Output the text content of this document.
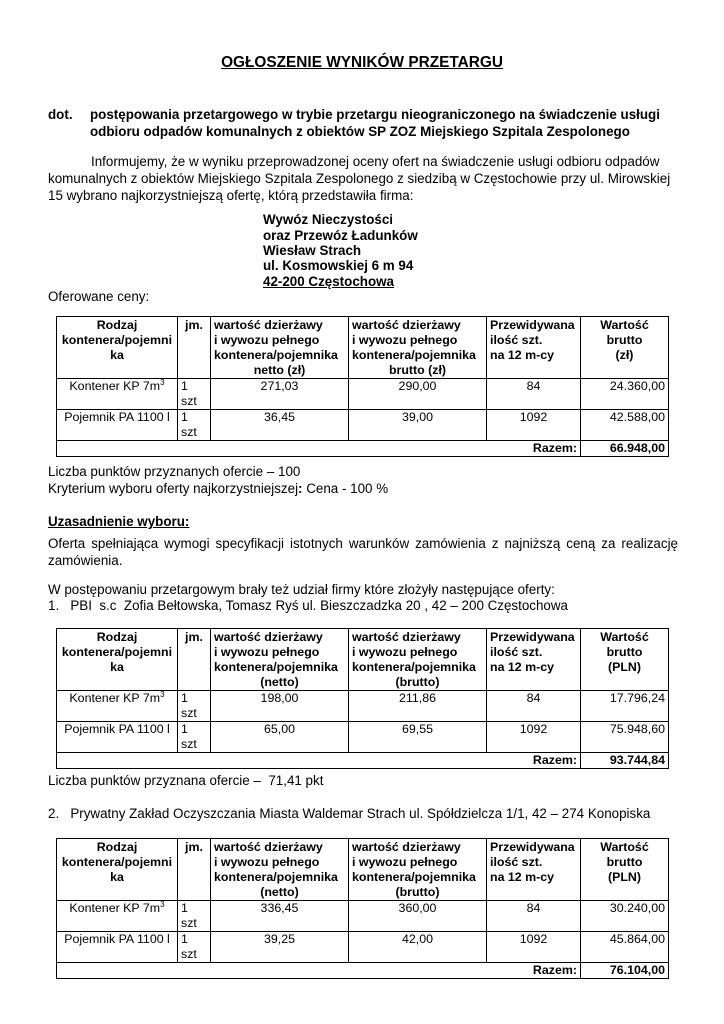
OGŁOSZENIE WYNIKÓW PRZETARGU

dot. postępowania przetargowego w trybie przetargu nieograniczonego na świadczenie usługi

odbioru odpadów komunalnych z obiektów SP ZOZ Miejskiego Szpitala Zespolonego

Informujemy, że w wyniku przeprowadzonej oceny ofert na świadczenie usługi odbioru odpadów

komunalnych z obiektów Miejskiego Szpitala Zespolonego z siedzibą w Częstochowie przy ul. Mirowskiej

15 wybrano najkorzystniejszą ofertę, którą przedstawiła firma:

Wywóz Nieczystości

oraz Przewóz Ładunków

Wiesław Strach

ul. Kosmowskiej 6 m 94

42-200 Częstochowa

Oferowane ceny:

Rodzaj
kontenera/pojemni
ka	jm.	wartość dzierżawy
i wywozu pełnego
kontenera/pojemnika

netto (zł)	wartość dzierżawy
i wywozu pełnego
kontenera/pojemnika

brutto (zł)	Przewidywana
ilość szt.
na 12 m-cy	Wartość
brutto
(zł)
Kontener KP $7m^3$	1 szt	271,03	290,00	84	24.360,00
Pojemnik PA 1100 l	1 szt	36,45	39,00	1092	42.588,00
Razem:					66.948,00

Liczba punktów przyznanych ofercie – 100

Kryterium wyboru oferty najkorzystniejszej: Cena - 100 %

Uzasadnienie wyboru:

Oferta spełniająca wymogi specyfikacji istotnych warunków zamówienia z najniższą ceną za realizację

zamówienia.

W postępowaniu przetargowym brały też udział firmy które złożyły następujące oferty:

1.   PBI  s.c  Zofia Bełtowska, Tomasz Ryś ul. Bieszczadzka 20 , 42 – 200 Częstochowa

Rodzaj
kontenera/pojemni
ka	jm.	wartość dzierżawy
i wywozu pełnego
kontenera/pojemnika

(netto)	wartość dzierżawy
i wywozu pełnego
kontenera/pojemnika

(brutto)	Przewidywana
ilość szt.
na 12 m-cy	Wartość
brutto
(PLN)
Kontener KP $7m^3$	1 szt	198,00	211,86	84	17.796,24
Pojemnik PA 1100 l	1 szt	65,00	69,55	1092	75.948,60
Razem:					93.744,84

Liczba punktów przyznana ofercie –  71,41 pkt

2.   Prywatny Zakład Oczyszczania Miasta Waldemar Strach ul. Spółdzielcza 1/1, 42 – 274 Konopiska

Rodzaj
kontenera/pojemni
ka	jm.	wartość dzierżawy
i wywozu pełnego
kontenera/pojemnika

(netto)	wartość dzierżawy
i wywozu pełnego
kontenera/pojemnika

(brutto)	Przewidywana
ilość szt.
na 12 m-cy	Wartość
brutto
(PLN)
Kontener KP $7m^3$	1 szt	336,45	360,00	84	30.240,00
Pojemnik PA 1100 l	1 szt	39,25	42,00	1092	45.864,00
Razem:					76.104,00
